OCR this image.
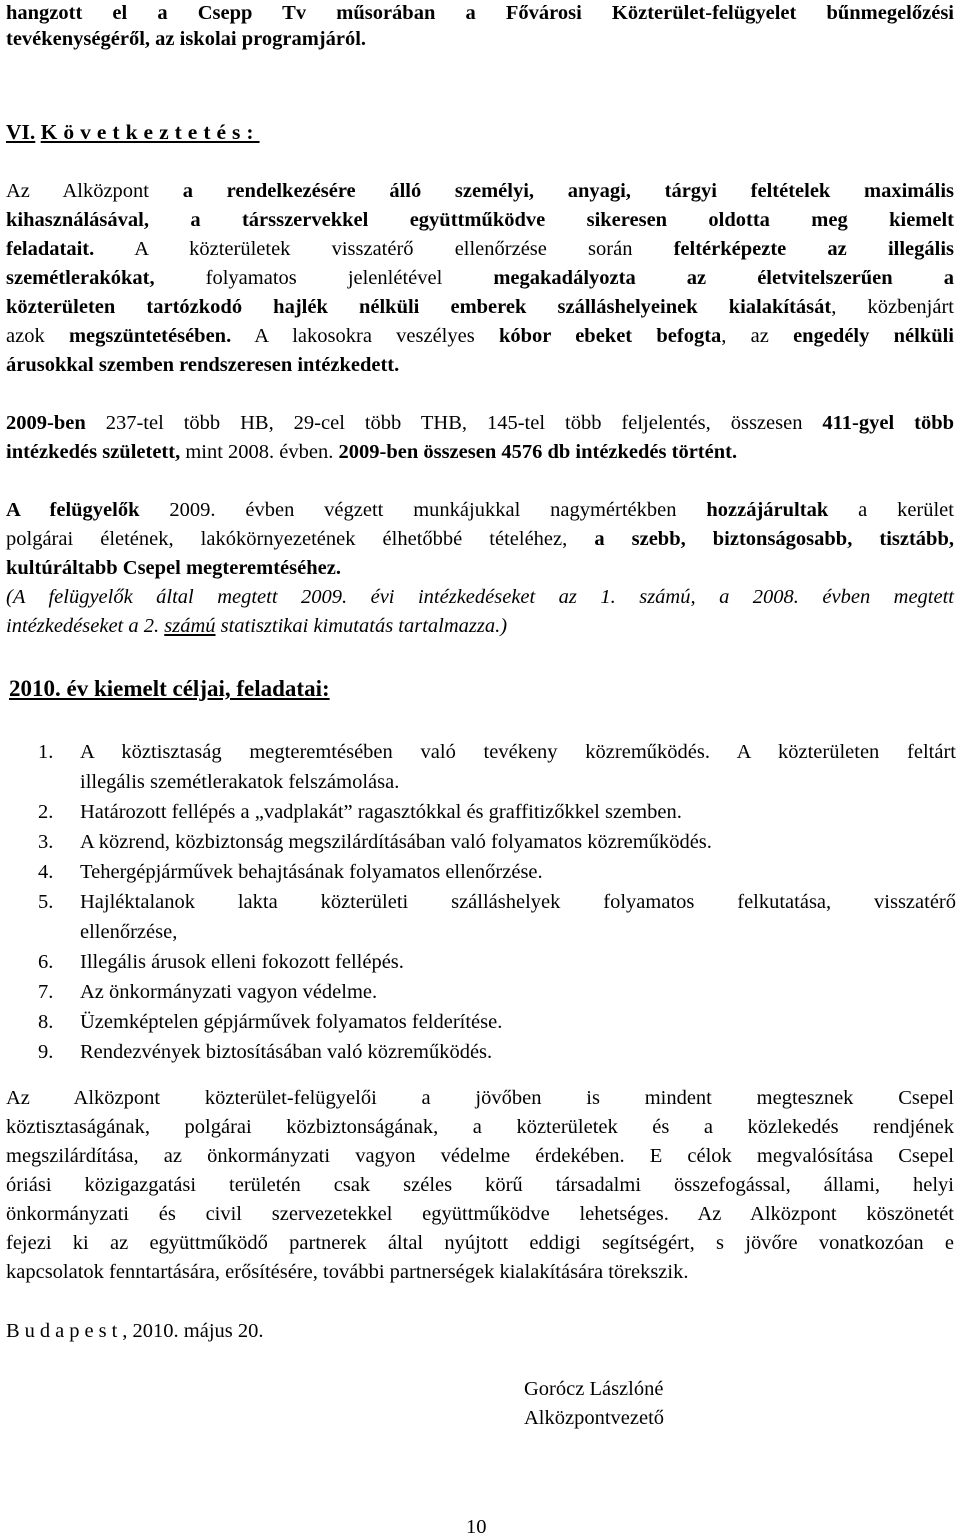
hangzott el a Csepp Tv műsorában a Fővárosi Közterület-felügyelet bűnmegelőzési
tevékenységéről, az iskolai programjáról.
VI. Következtetés:
Az Alközpont a rendelkezésére álló személyi, anyagi, tárgyi feltételek maximális
kihasználásával, a társszervekkel együttműködve sikeresen oldotta meg kiemelt
feladatait. A közterületek visszatérő ellenőrzése során feltérképezte az illegális
szemétlerakókat, folyamatos jelenlétével megakadályozta az életvitelszerűen a
közterületen tartózkodó hajlék nélküli emberek szálláshelyeinek kialakítását, közbenjárt
azok megszüntetésében. A lakosokra veszélyes kóbor ebeket befogta, az engedély nélküli
árusokkal szemben rendszeresen intézkedett.
2009-ben 237-tel több HB, 29-cel több THB, 145-tel több feljelentés, összesen 411-gyel több
intézkedés született, mint 2008. évben. 2009-ben összesen 4576 db intézkedés történt.
A felügyelők 2009. évben végzett munkájukkal nagymértékben hozzájárultak a kerület
polgárai életének, lakókörnyezetének élhetőbbé tételéhez, a szebb, biztonságosabb, tisztább,
kultúráltabb Csepel megteremtéséhez.
(A felügyelők által megtett 2009. évi intézkedéseket az 1. számú, a 2008. évben megtett
intézkedéseket a 2. számú statisztikai kimutatás tartalmazza.)
2010. év kiemelt céljai, feladatai:
1. A köztisztaság megteremtésében való tevékeny közreműködés. A közterületen feltárt
illegális szemétlerakatok felszámolása.
2. Határozott fellépés a „vadplakát” ragasztókkal és graffitizőkkel szemben.
3. A közrend, közbiztonság megszilárdításában való folyamatos közreműködés.
4. Tehergépjárművek behajtásának folyamatos ellenőrzése.
5. Hajléktalanok lakta közterületi szálláshelyek folyamatos felkutatása, visszatérő
ellenőrzése,
6. Illegális árusok elleni fokozott fellépés.
7. Az önkormányzati vagyon védelme.
8. Üzemképtelen gépjárművek folyamatos felderítése.
9. Rendezvények biztosításában való közreműködés.
Az Alközpont közterület-felügyelői a jövőben is mindent megtesznek Csepel
köztisztaságának, polgárai közbiztonságának, a közterületek és a közlekedés rendjének
megszilárdítása, az önkormányzati vagyon védelme érdekében. E célok megvalósítása Csepel
óriási közigazgatási területén csak széles körű társadalmi összefogással, állami, helyi
önkormányzati és civil szervezetekkel együttműködve lehetséges. Az Alközpont köszönetét
fejezi ki az együttműködő partnerek által nyújtott eddigi segítségért, s jövőre vonatkozóan e
kapcsolatok fenntartására, erősítésére, további partnerségek kialakítására törekszik.
Budapest, 2010. május 20.
Gorócz Lászlóné
Alközpontvezető
10
